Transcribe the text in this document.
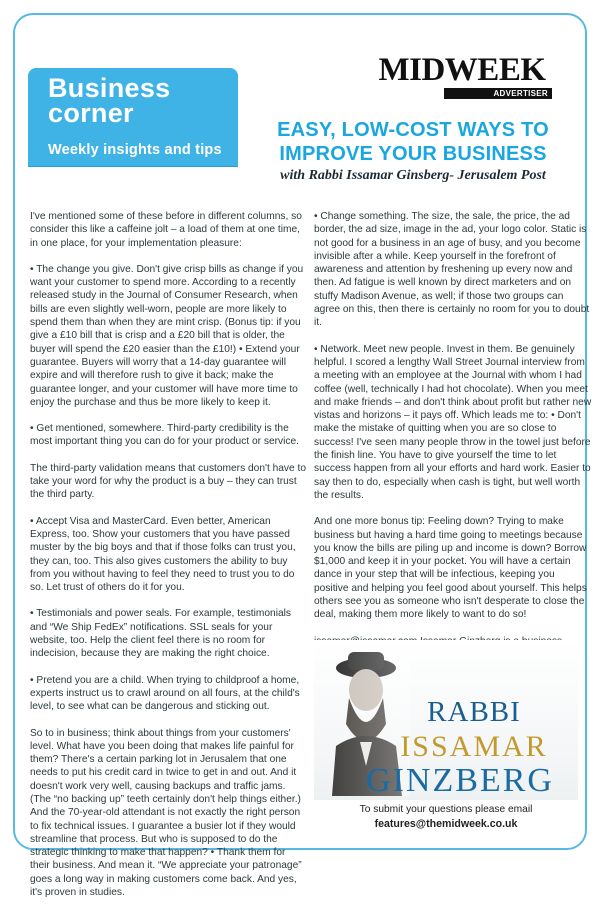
MIDWEEK
ADVERTISER
Business
corner
Weekly insights and tips
EASY, LOW-COST WAYS TO
IMPROVE YOUR BUSINESS
with Rabbi Issamar Ginsberg- Jerusalem Post

I've mentioned some of these before in different columns, so consider this like a caffeine jolt – a load of them at one time, in one place, for your implementation pleasure:

• The change you give. Don't give crisp bills as change if you want your customer to spend more. According to a recently released study in the Journal of Consumer Research, when bills are even slightly well-worn, people are more likely to spend them than when they are mint crisp. (Bonus tip: if you give a £10 bill that is crisp and a £20 bill that is older, the buyer will spend the £20 easier than the £10!) • Extend your guarantee. Buyers will worry that a 14-day guarantee will expire and will therefore rush to give it back; make the guarantee longer, and your customer will have more time to enjoy the purchase and thus be more likely to keep it.

• Get mentioned, somewhere. Third-party credibility is the most important thing you can do for your product or service.

The third-party validation means that customers don't have to take your word for why the product is a buy – they can trust the third party.

• Accept Visa and MasterCard. Even better, American Express, too. Show your customers that you have passed muster by the big boys and that if those folks can trust you, they can, too. This also gives customers the ability to buy from you without having to feel they need to trust you to do so. Let trust of others do it for you.

• Testimonials and power seals. For example, testimonials and “We Ship FedEx” notifications. SSL seals for your website, too. Help the client feel there is no room for indecision, because they are making the right choice.

• Pretend you are a child. When trying to childproof a home, experts instruct us to crawl around on all fours, at the child's level, to see what can be dangerous and sticking out.

So to in business; think about things from your customers' level. What have you been doing that makes life painful for them? There's a certain parking lot in Jerusalem that one needs to put his credit card in twice to get in and out. And it doesn't work very well, causing backups and traffic jams. (The “no backing up” teeth certainly don't help things either.) And the 70-year-old attendant is not exactly the right person to fix technical issues. I guarantee a busier lot if they would streamline that process. But who is supposed to do the strategic thinking to make that happen? • Thank them for their business. And mean it. “We appreciate your patronage” goes a long way in making customers come back. And yes, it's proven in studies.

• Change something. The size, the sale, the price, the ad border, the ad size, image in the ad, your logo color. Static is not good for a business in an age of busy, and you become invisible after a while. Keep yourself in the forefront of awareness and attention by freshening up every now and then. Ad fatigue is well known by direct marketers and on stuffy Madison Avenue, as well; if those two groups can agree on this, then there is certainly no room for you to doubt it.

• Network. Meet new people. Invest in them. Be genuinely helpful. I scored a lengthy Wall Street Journal interview from a meeting with an employee at the Journal with whom I had coffee (well, technically I had hot chocolate). When you meet and make friends – and don't think about profit but rather new vistas and horizons – it pays off. Which leads me to: • Don't make the mistake of quitting when you are so close to success! I've seen many people throw in the towel just before the finish line. You have to give yourself the time to let success happen from all your efforts and hard work. Easier to say then to do, especially when cash is tight, but well worth the results.

And one more bonus tip: Feeling down? Trying to make business but having a hard time going to meetings because you know the bills are piling up and income is down? Borrow $1,000 and keep it in your pocket. You will have a certain dance in your step that will be infectious, keeping you positive and helping you feel good about yourself. This helps others see you as someone who isn't desperate to close the deal, making them more likely to want to do so!

RABBI
ISSAMAR
GINZBERG
To submit your questions please email
features@themidweek.co.uk
